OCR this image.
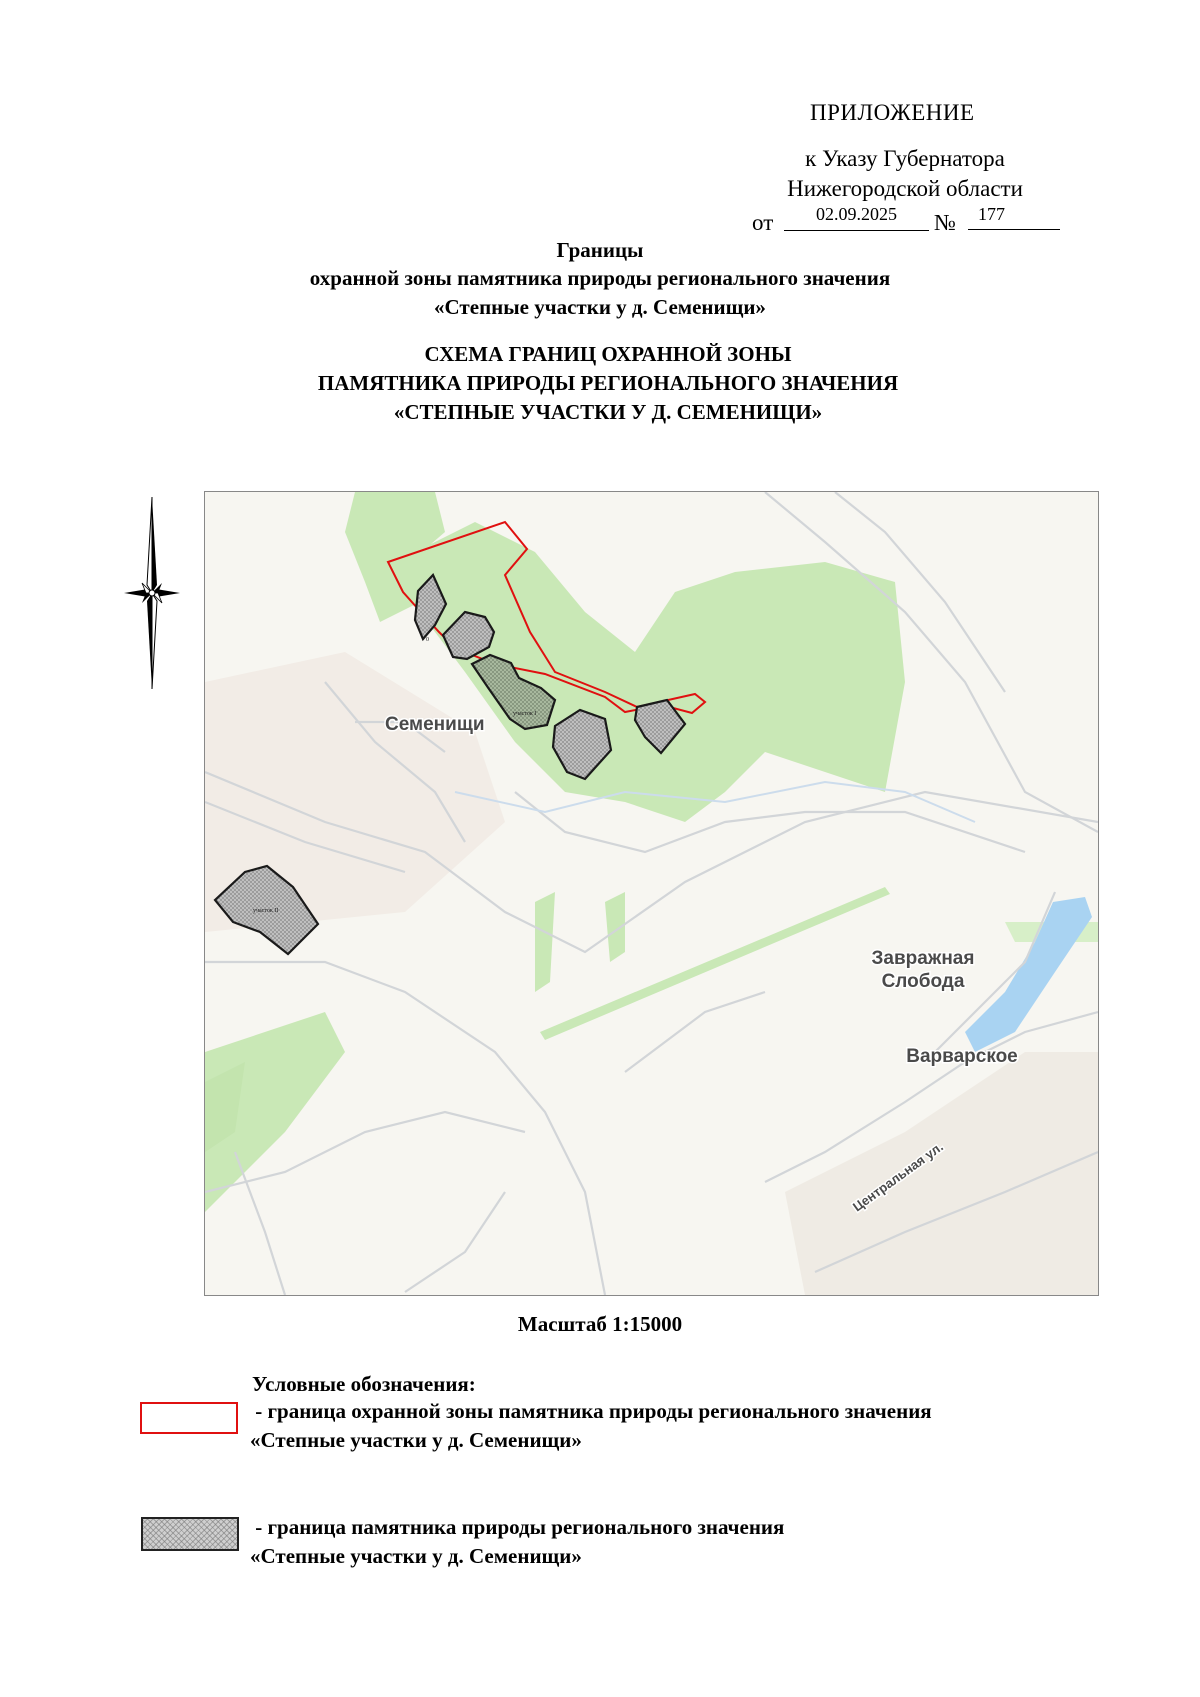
ПРИЛОЖЕНИЕ
к Указу Губернатора
Нижегородской области
от	02.09.2025	№	177
Границы
охранной зоны памятника природы регионального значения
«Степные участки у д. Семенищи»
СХЕМА ГРАНИЦ ОХРАННОЙ ЗОНЫ
ПАМЯТНИКА ПРИРОДЫ РЕГИОНАЛЬНОГО ЗНАЧЕНИЯ
«СТЕПНЫЕ УЧАСТКИ У Д. СЕМЕНИЩИ»
Семенищи
Завражная
Слобода
Варварское
Центральная ул.
участок I
участок II
0
Масштаб 1:15000
Условные обозначения:
- граница охранной зоны памятника природы регионального значения
«Степные участки у д. Семенищи»
- граница памятника природы регионального значения
«Степные участки у д. Семенищи»
